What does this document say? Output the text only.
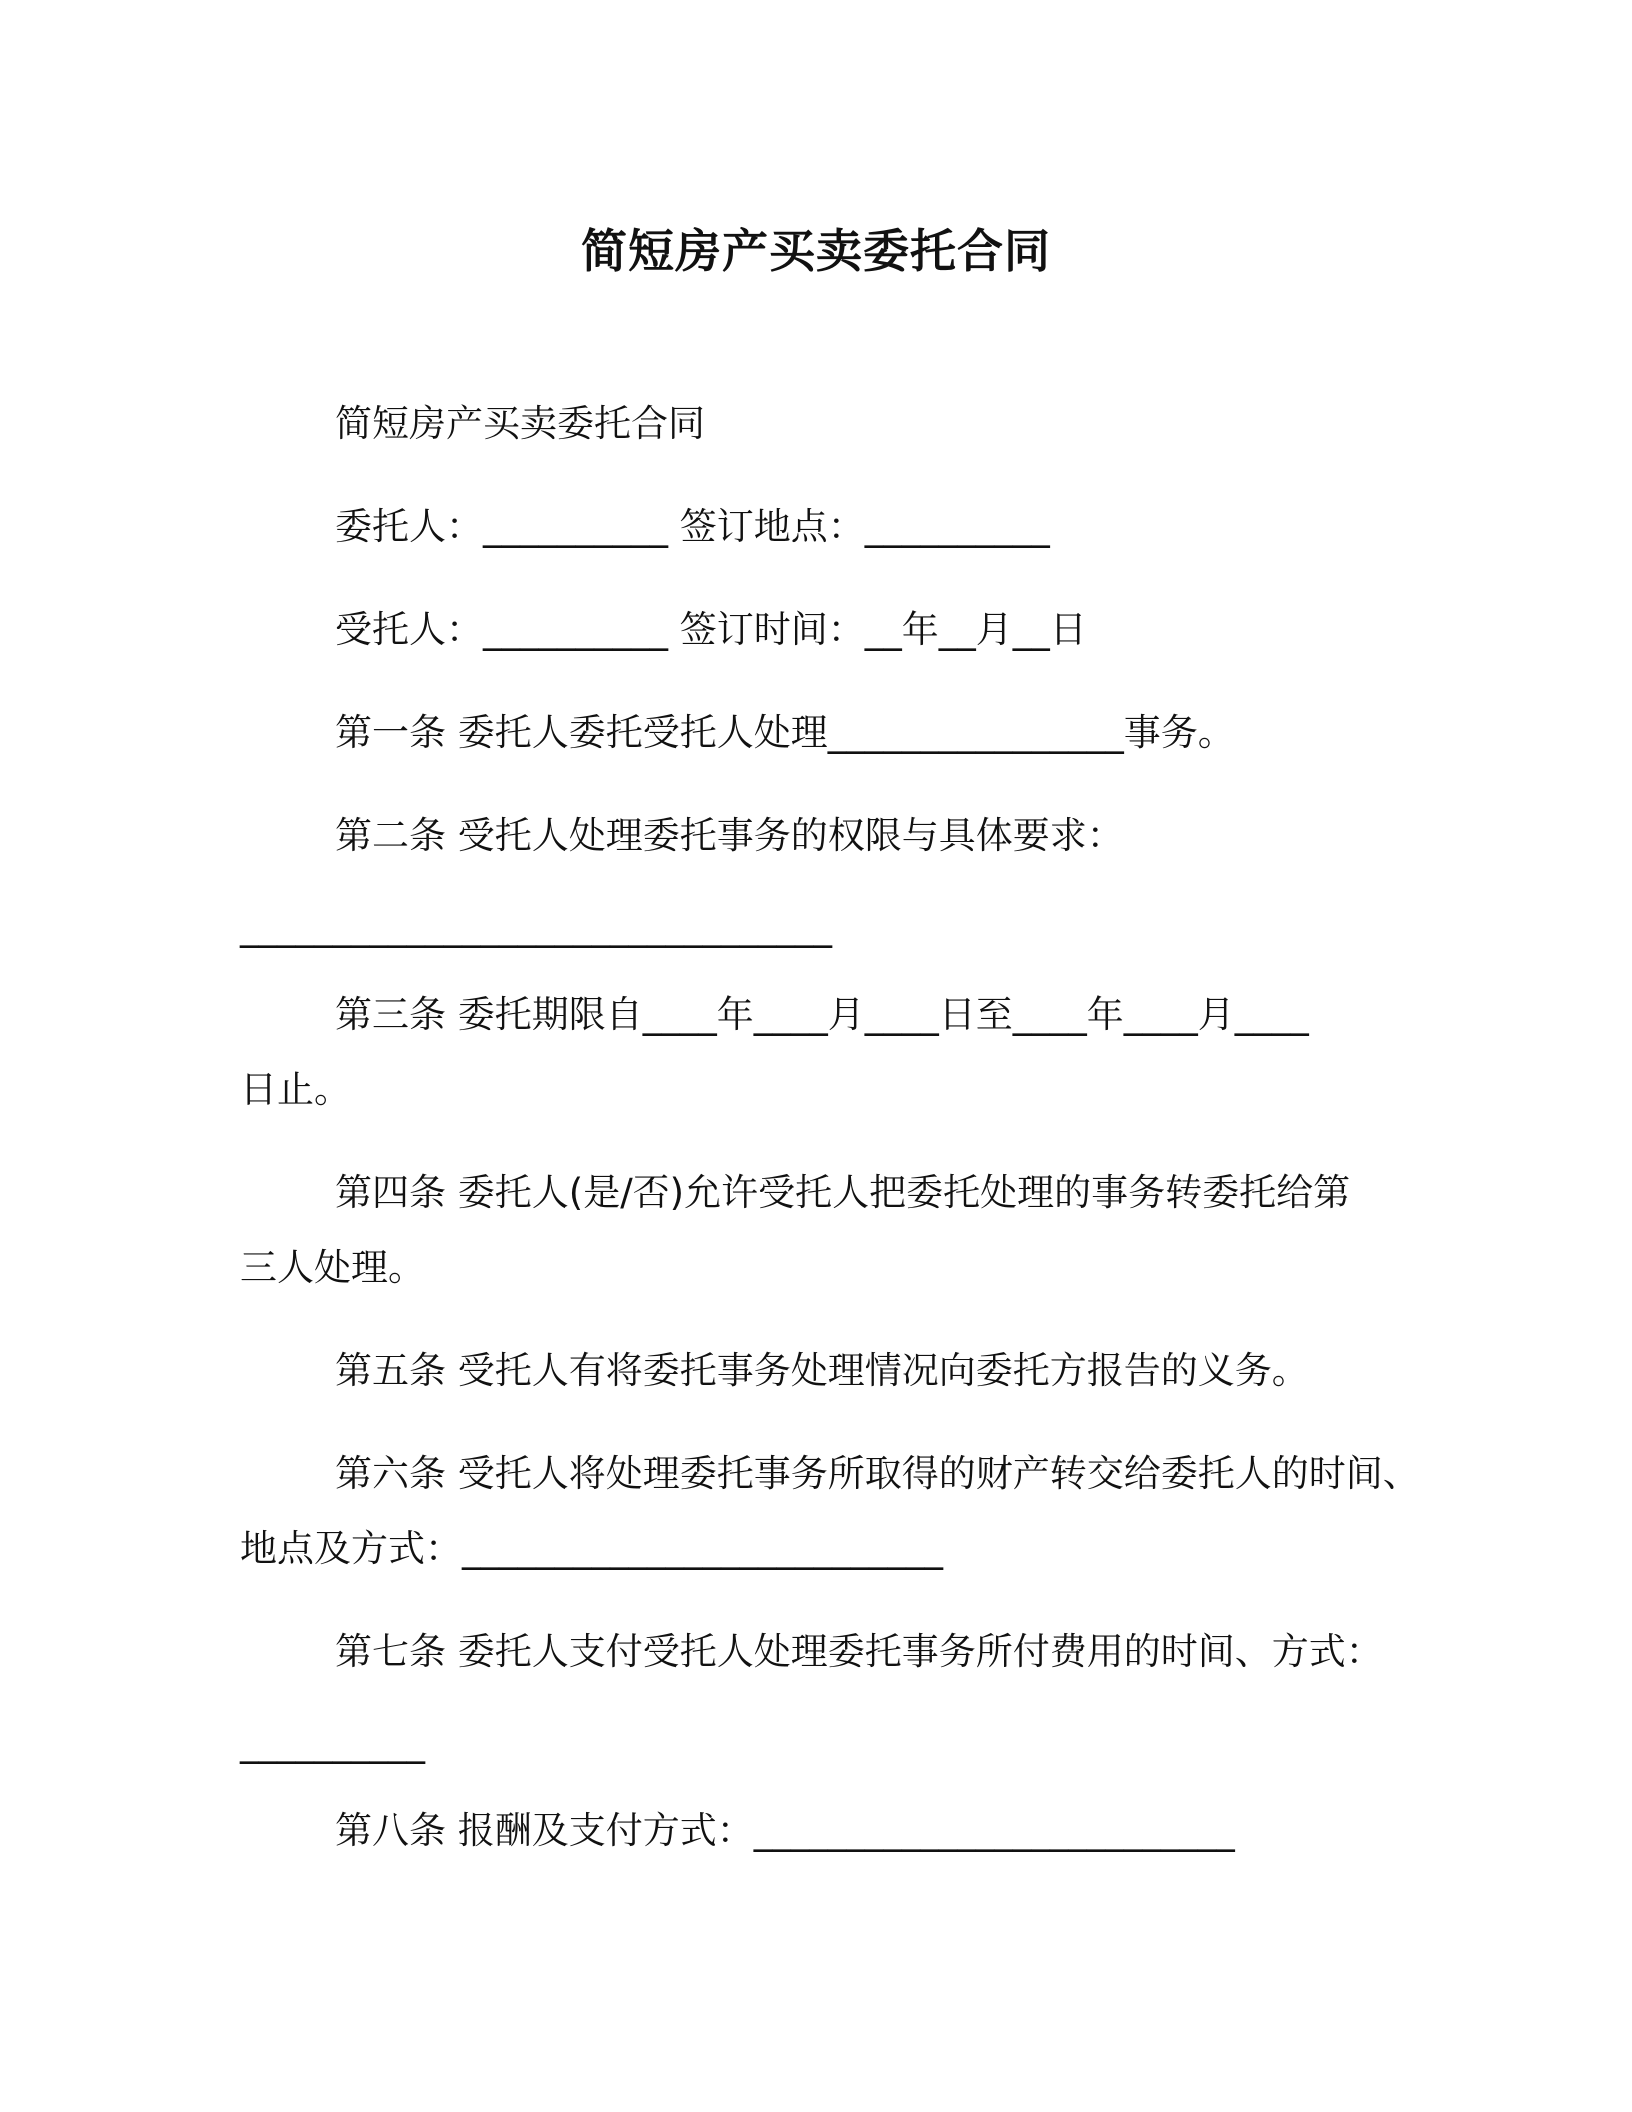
简短房产买卖委托合同

简短房产买卖委托合同

委托人：__________ 签订地点：__________

受托人：__________ 签订时间：__年__月__日

第一条 委托人委托受托人处理________________事务。

第二条 受托人处理委托事务的权限与具体要求：

________________________________

第三条 委托期限自____年____月____日至____年____月____

日止。

第四条 委托人(是/否)允许受托人把委托处理的事务转委托给第

三人处理。

第五条 受托人有将委托事务处理情况向委托方报告的义务。

第六条 受托人将处理委托事务所取得的财产转交给委托人的时间、

地点及方式：__________________________

第七条 委托人支付受托人处理委托事务所付费用的时间、方式：

__________

第八条 报酬及支付方式：__________________________
